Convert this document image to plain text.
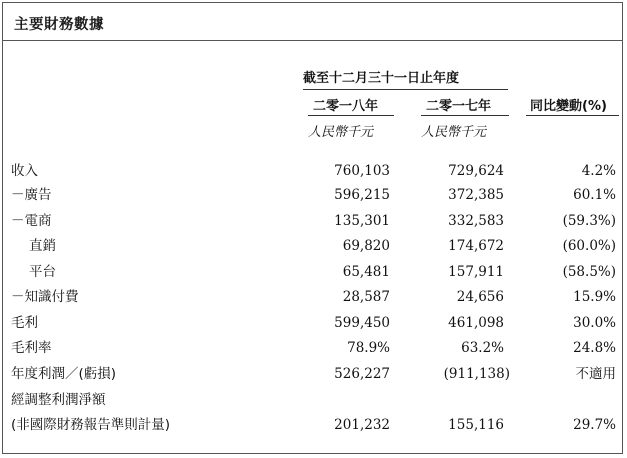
主要財務數據
截至十二月三十一日止年度
二零一八年	二零一七年	同比變動(%)
人民幣千元	人民幣千元
收入	760,103	729,624	4.2%
－廣告	596,215	372,385	60.1%
－電商	135,301	332,583	(59.3%)
直銷	69,820	174,672	(60.0%)
平台	65,481	157,911	(58.5%)
－知識付費	28,587	24,656	15.9%
毛利	599,450	461,098	30.0%
毛利率	78.9%	63.2%	24.8%
年度利潤／(虧損)	526,227	(911,138)	不適用
經調整利潤淨額
(非國際財務報告準則計量)	201,232	155,116	29.7%
